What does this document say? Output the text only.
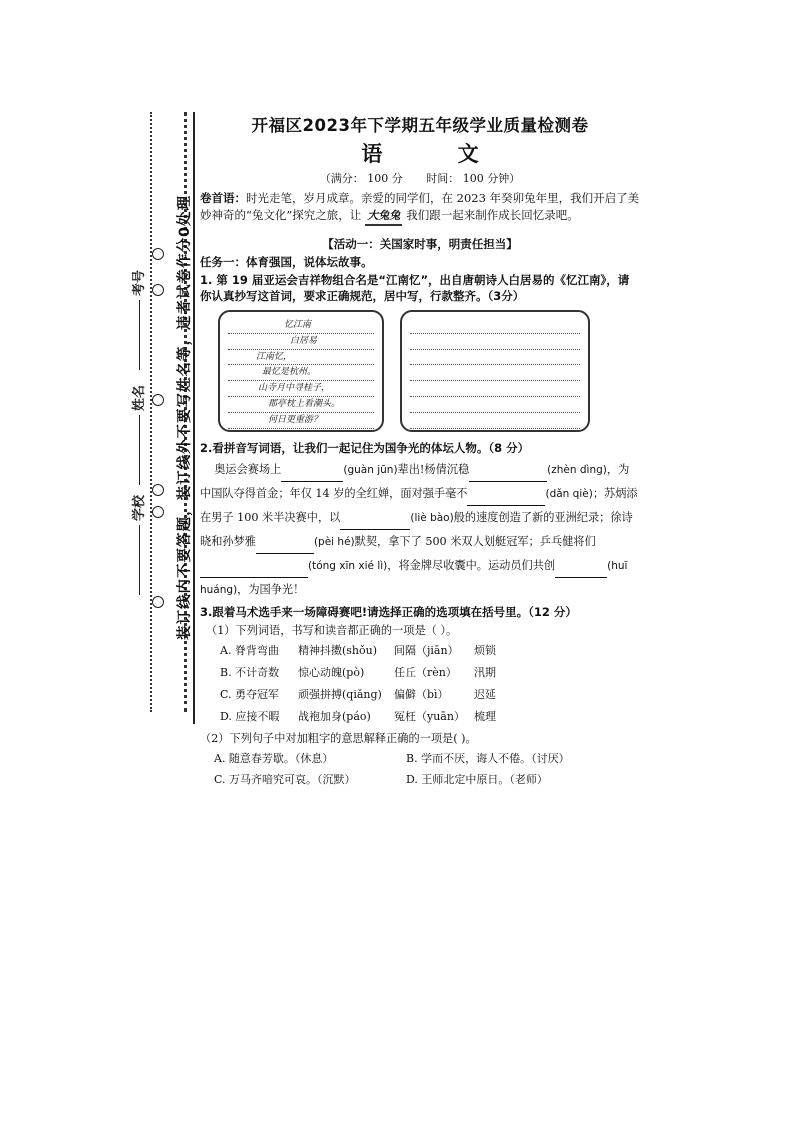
考号
姓名
学校 装订线内不要答题，装订线外不要写姓名等，违者试卷作分0处理
开福区2023年下学期五年级学业质量检测卷
语 文
（满分： 100 分 时间： 100 分钟）

卷首语：时光走笔，岁月成章。亲爱的同学们，在 2023 年癸卯兔年里，我们开启了美妙神奇的“兔文化”探究之旅，让 大兔兔 我们跟一起来制作成长回忆录吧。

【活动一：关国家时事，明责任担当】
任务一：体育强国，说体坛故事。
1. 第 19 届亚运会吉祥物组合名是“江南忆”，出自唐朝诗人白居易的《忆江南》，请你认真抄写这首词，要求正确规范，居中写，行款整齐。（3分）
忆江南
白居易
江南忆，
最忆是杭州。
山寺月中寻桂子，
郡亭枕上看潮头。
何日更重游？
2.看拼音写词语，让我们一起记住为国争光的体坛人物。（8 分）

奥运会赛场上	(guàn jūn)辈出!杨倩沉稳	(zhèn dìng)，为中国队夺得首金；年仅 14 岁的全红婵，面对强手毫不	(dǎn qiè)；苏炳添在男子 100 米半决赛中，以	(liè bào)般的速度创造了新的亚洲纪录；徐诗晓和孙梦雅	(pèi hé)默契，拿下了 500 米双人划艇冠军；乒乓健将们(tóng xīn xié lì)，将金牌尽收囊中。运动员们共创	(huī huáng)，为国争光！

3.跟着马术选手来一场障碍赛吧!请选择正确的选项填在括号里。（12 分）
（1）下列词语，书写和读音都正确的一项是（ ）。
A. 脊背弯曲	精神抖擞(shǒu)	间隔（jiān）	烦锁
B. 不计奇数	惊心动魄(pò)	任丘（rèn）	汛期
C. 勇夺冠军	顽强拼搏(qiǎng)	偏僻（bì）	迟延
D. 应接不暇	战袍加身(páo)	冤枉（yuān） 梳理
（2）下列句子中对加粗字的意思解释正确的一项是( )。
A. 随意春芳歇。（休息）	B. 学而不厌，诲人不倦。（讨厌）
C. 万马齐喑究可哀。（沉默）	D. 王师北定中原日。（老师）
